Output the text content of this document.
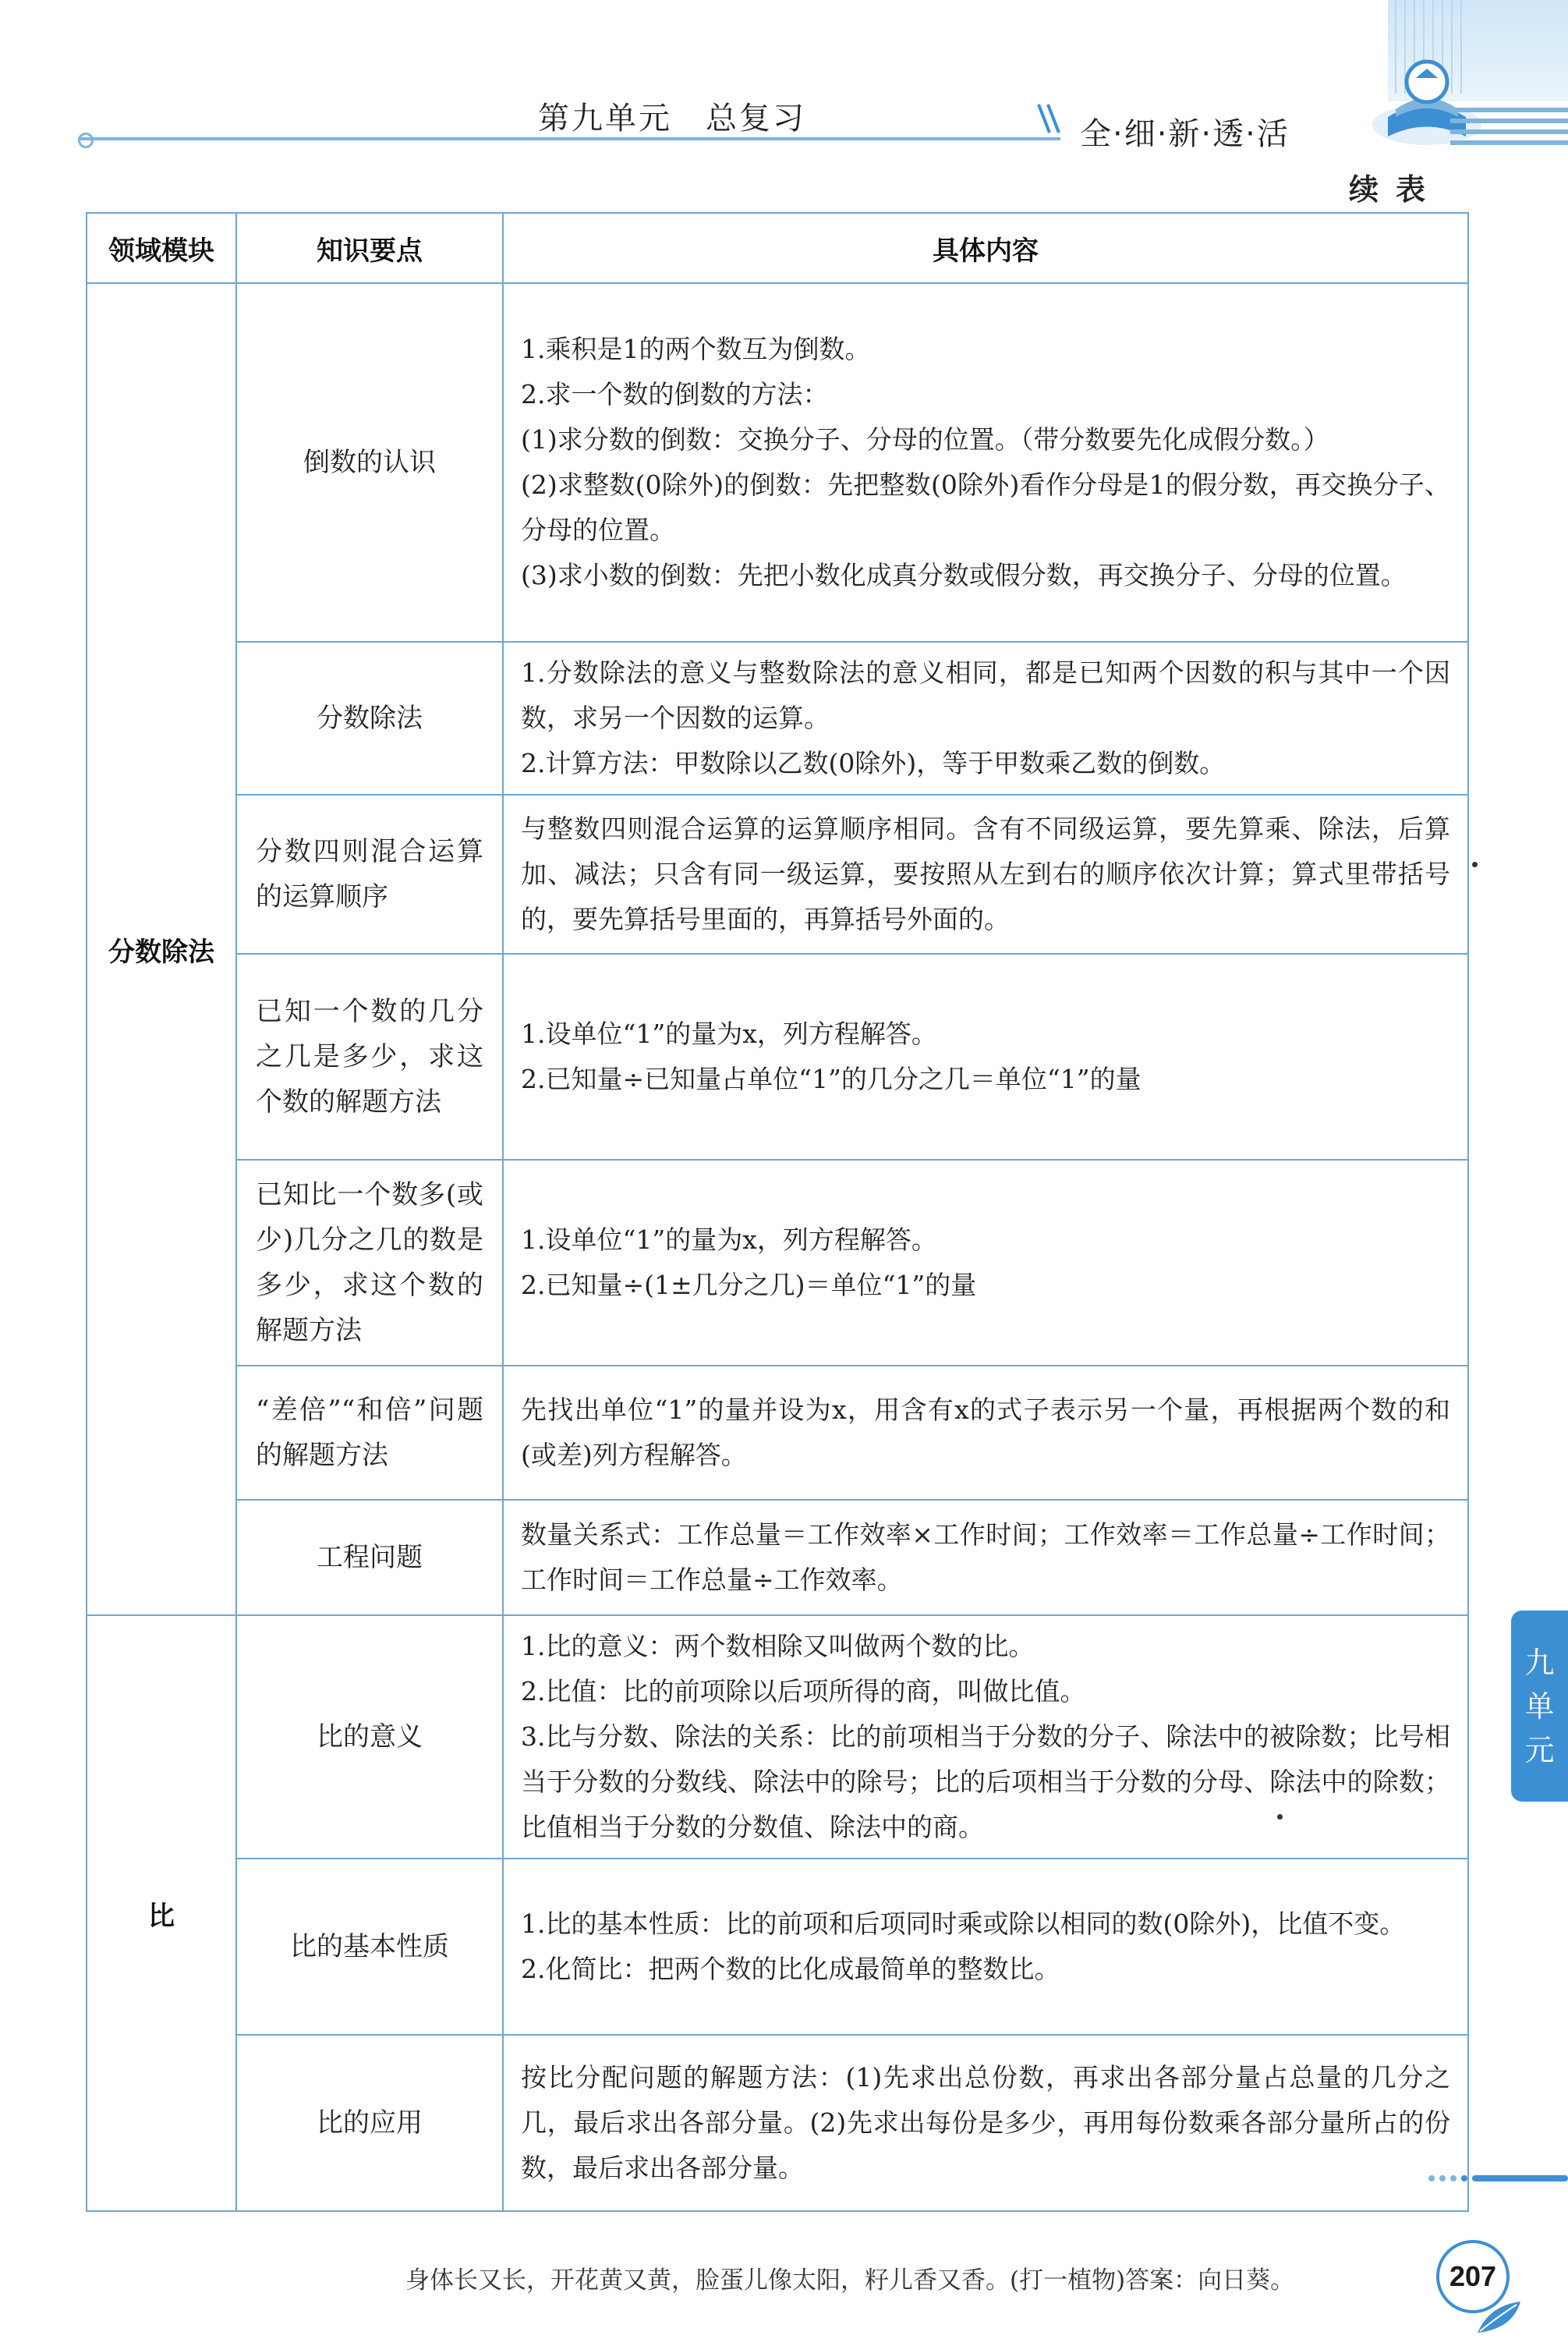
第九单元　总复习	全·细·新·透·活
续表
领域模块	知识要点	具体内容
分数除法	倒数的认识	1.乘积是1的两个数互为倒数。
2.求一个数的倒数的方法：
(1)求分数的倒数：交换分子、分母的位置。（带分数要先化成假分数。）
(2)求整数(0除外)的倒数：先把整数(0除外)看作分母是1的假分数，再交换分子、分母的位置。
(3)求小数的倒数：先把小数化成真分数或假分数，再交换分子、分母的位置。

	分数除法	1.分数除法的意义与整数除法的意义相同，都是已知两个因数的积与其中一个因数，求另一个因数的运算。
2.计算方法：甲数除以乙数(0除外)，等于甲数乘乙数的倒数。

	分数四则混合运算的运算顺序	与整数四则混合运算的运算顺序相同。含有不同级运算，要先算乘、除法，后算加、减法；只含有同一级运算，要按照从左到右的顺序依次计算；算式里带括号的，要先算括号里面的，再算括号外面的。

	已知一个数的几分之几是多少，求这个数的解题方法	1.设单位“1”的量为x，列方程解答。
2.已知量÷已知量占单位“1”的几分之几＝单位“1”的量

	已知比一个数多(或少)几分之几的数是多少，求这个数的解题方法	1.设单位“1”的量为x，列方程解答。
2.已知量÷(1±几分之几)＝单位“1”的量

	“差倍”“和倍”问题的解题方法	先找出单位“1”的量并设为x，用含有x的式子表示另一个量，再根据两个数的和(或差)列方程解答。

	工程问题	数量关系式：工作总量＝工作效率×工作时间；工作效率＝工作总量÷工作时间；工作时间＝工作总量÷工作效率。

比	比的意义	1.比的意义：两个数相除又叫做两个数的比。
2.比值：比的前项除以后项所得的商，叫做比值。
3.比与分数、除法的关系：比的前项相当于分数的分子、除法中的被除数；比号相当于分数的分数线、除法中的除号；比的后项相当于分数的分母、除法中的除数；比值相当于分数的分数值、除法中的商。

	比的基本性质	1.比的基本性质：比的前项和后项同时乘或除以相同的数(0除外)，比值不变。
2.化简比：把两个数的比化成最简单的整数比。

	比的应用	按比分配问题的解题方法：(1)先求出总份数，再求出各部分量占总量的几分之几，最后求出各部分量。(2)先求出每份是多少，再用每份数乘各部分量所占的份数，最后求出各部分量。
九
单
元
身体长又长，开花黄又黄，脸蛋儿像太阳，籽儿香又香。(打一植物)答案：向日葵。	207
